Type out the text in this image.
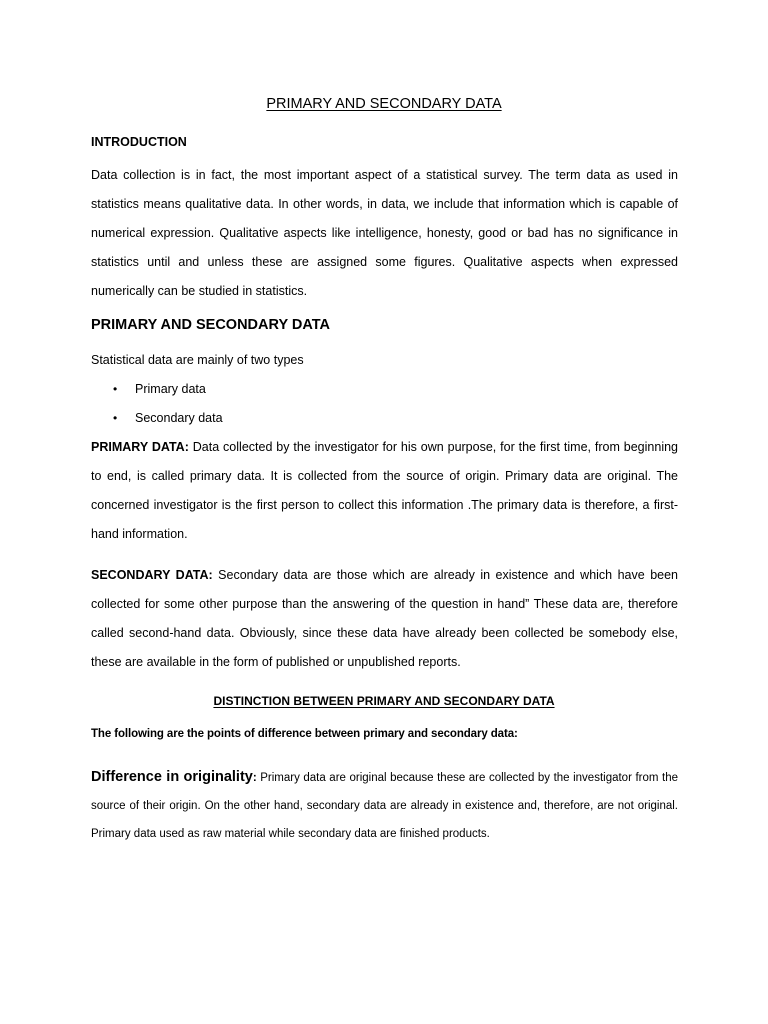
PRIMARY AND SECONDARY DATA
INTRODUCTION
Data collection is in fact, the most important aspect of a statistical survey. The term data as used in statistics means qualitative data. In other words, in data, we include that information which is capable of numerical expression. Qualitative aspects like intelligence, honesty, good or bad has no significance in statistics until and unless these are assigned some figures. Qualitative aspects when expressed numerically can be studied in statistics.
PRIMARY AND SECONDARY DATA
Statistical data are mainly of two types
• Primary data
• Secondary data
PRIMARY DATA: Data collected by the investigator for his own purpose, for the first time, from beginning to end, is called primary data. It is collected from the source of origin. Primary data are original. The concerned investigator is the first person to collect this information .The primary data is therefore, a first-hand information.
SECONDARY DATA: Secondary data are those which are already in existence and which have been collected for some other purpose than the answering of the question in hand” These data are, therefore called second-hand data. Obviously, since these data have already been collected be somebody else, these are available in the form of published or unpublished reports.
DISTINCTION BETWEEN PRIMARY AND SECONDARY DATA
The following are the points of difference between primary and secondary data:
Difference in originality: Primary data are original because these are collected by the investigator from the source of their origin. On the other hand, secondary data are already in existence and, therefore, are not original. Primary data used as raw material while secondary data are finished products.
